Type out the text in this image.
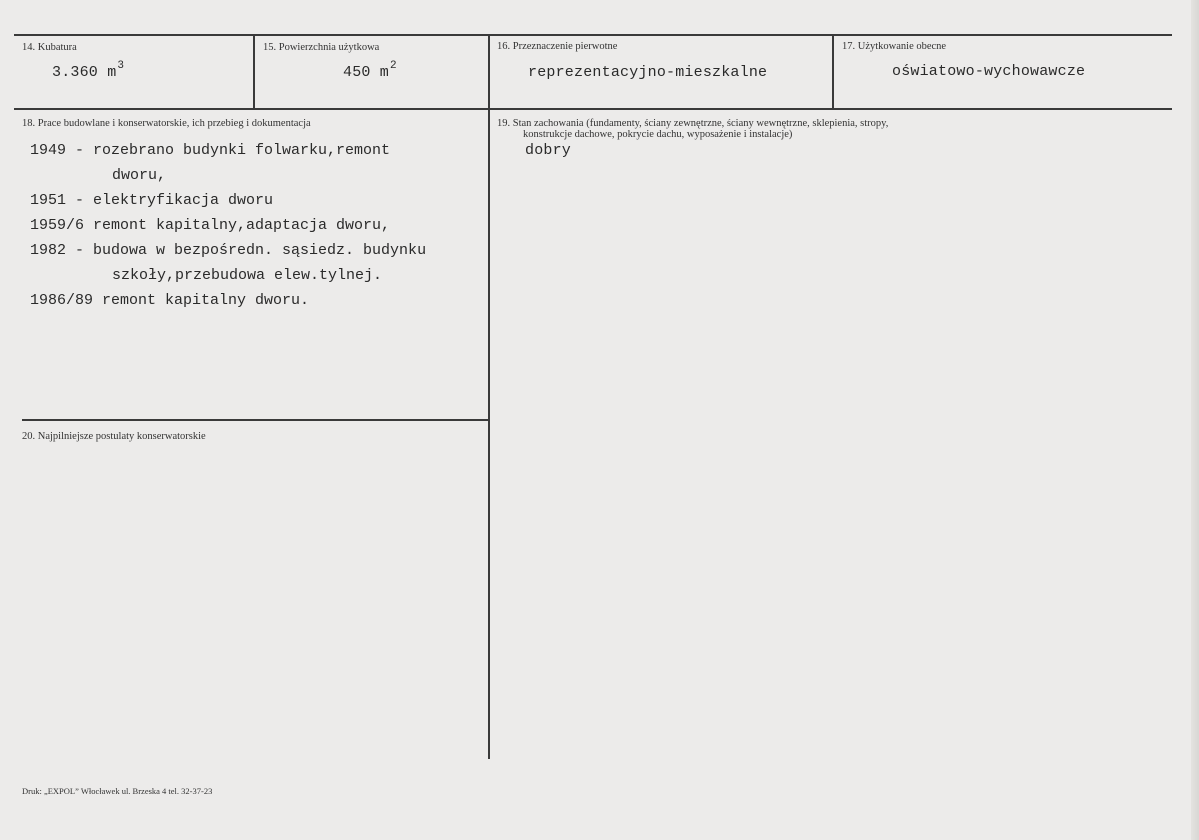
14. Kubatura
3.360 $m^3$
15. Powierzchnia użytkowa
450 $m^2$
16. Przeznaczenie pierwotne
reprezentacyjno-mieszkalne
17. Użytkowanie obecne
oświatowo-wychowawcze
18. Prace budowlane i konserwatorskie, ich przebieg i dokumentacja
1949 - rozebrano budynki folwarku,remont
dworu,
1951 - elektryfikacja dworu
1959/6 remont kapitalny,adaptacja dworu,
1982 - budowa w bezpośredn. sąsiedz. budynku
szkoły,przebudowa elew.tylnej.
1986/89 remont kapitalny dworu.
19. Stan zachowania (fundamenty, ściany zewnętrzne, ściany wewnętrzne, sklepienia, stropy,
konstrukcje dachowe, pokrycie dachu, wyposażenie i instalacje)
dobry
20. Najpilniejsze postulaty konserwatorskie
Druk: „EXPOL” Włocławek ul. Brzeska 4 tel. 32-37-23
